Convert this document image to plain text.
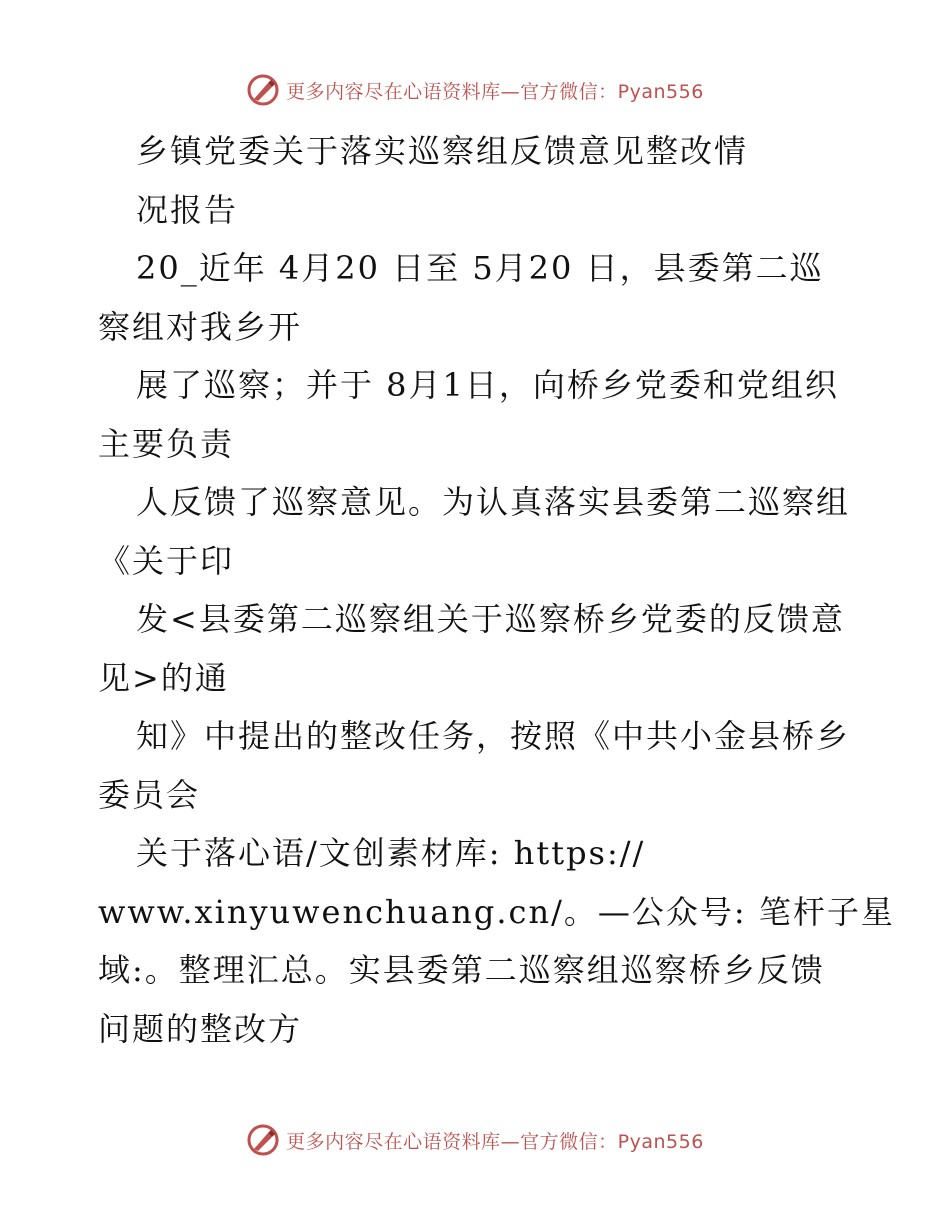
更多内容尽在心语资料库—官方微信：Pyan556
乡镇党委关于落实巡察组反馈意见整改情
况报告
20_近年 4月20 日至 5月20 日，县委第二巡
察组对我乡开
展了巡察；并于 8月1日，向桥乡党委和党组织
主要负责
人反馈了巡察意见。为认真落实县委第二巡察组
《关于印
发<县委第二巡察组关于巡察桥乡党委的反馈意
见>的通
知》中提出的整改任务，按照《中共小金县桥乡
委员会
关于落心语/文创素材库: https://
www.xinyuwenchuang.cn/。—公众号: 笔杆子星
域:。整理汇总。实县委第二巡察组巡察桥乡反馈
问题的整改方
更多内容尽在心语资料库—官方微信：Pyan556
